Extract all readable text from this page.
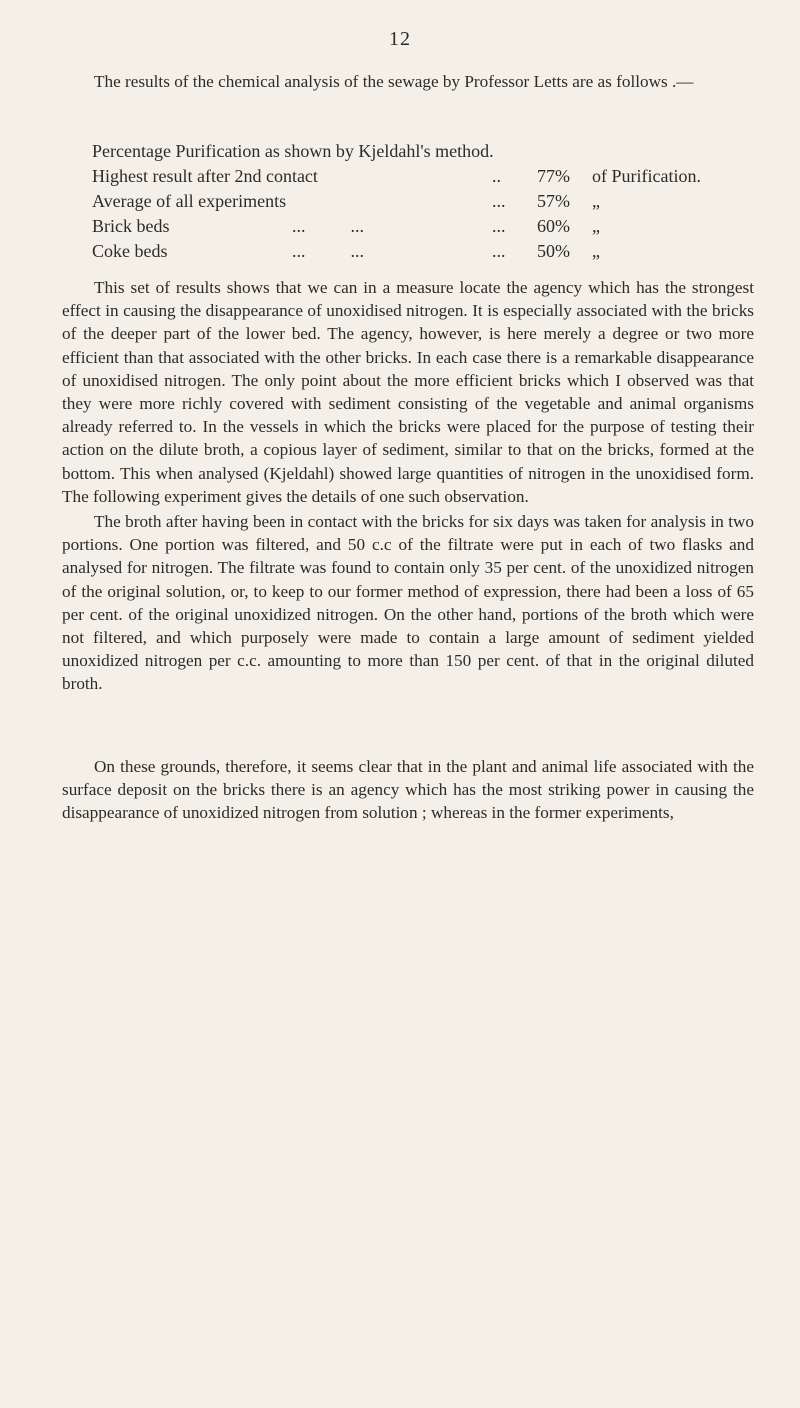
12

The results of the chemical analysis of the sewage by Professor Letts are as follows .—

Percentage Purification as shown by Kjeldahl's method.
Highest result after 2nd contact	.. 77% of Purification.
Average of all experiments	... 57% „
Brick beds	...          ...	... 60% „
Coke beds	...          ...	... 50% „

This set of results shows that we can in a measure locate the agency which has the strongest effect in causing the disappearance of unoxidised nitrogen. It is especially associated with the bricks of the deeper part of the lower bed. The agency, however, is here merely a degree or two more efficient than that associated with the other bricks. In each case there is a remarkable disappearance of unoxidised nitrogen. The only point about the more efficient bricks which I observed was that they were more richly covered with sediment consisting of the vegetable and animal organisms already referred to. In the vessels in which the bricks were placed for the purpose of testing their action on the dilute broth, a copious layer of sediment, similar to that on the bricks, formed at the bottom. This when analysed (Kjeldahl) showed large quantities of nitrogen in the unoxidised form. The following experiment gives the details of one such observation.

The broth after having been in contact with the bricks for six days was taken for analysis in two portions. One portion was filtered, and 50 c.c of the filtrate were put in each of two flasks and analysed for nitrogen. The filtrate was found to contain only 35 per cent. of the unoxidized nitrogen of the original solution, or, to keep to our former method of expression, there had been a loss of 65 per cent. of the original unoxidized nitrogen. On the other hand, portions of the broth which were not filtered, and which purposely were made to contain a large amount of sediment yielded unoxidized nitrogen per c.c. amounting to more than 150 per cent. of that in the original diluted broth.

On these grounds, therefore, it seems clear that in the plant and animal life associated with the surface deposit on the bricks there is an agency which has the most striking power in causing the disappearance of unoxidized nitrogen from solution ; whereas in the former experiments,
